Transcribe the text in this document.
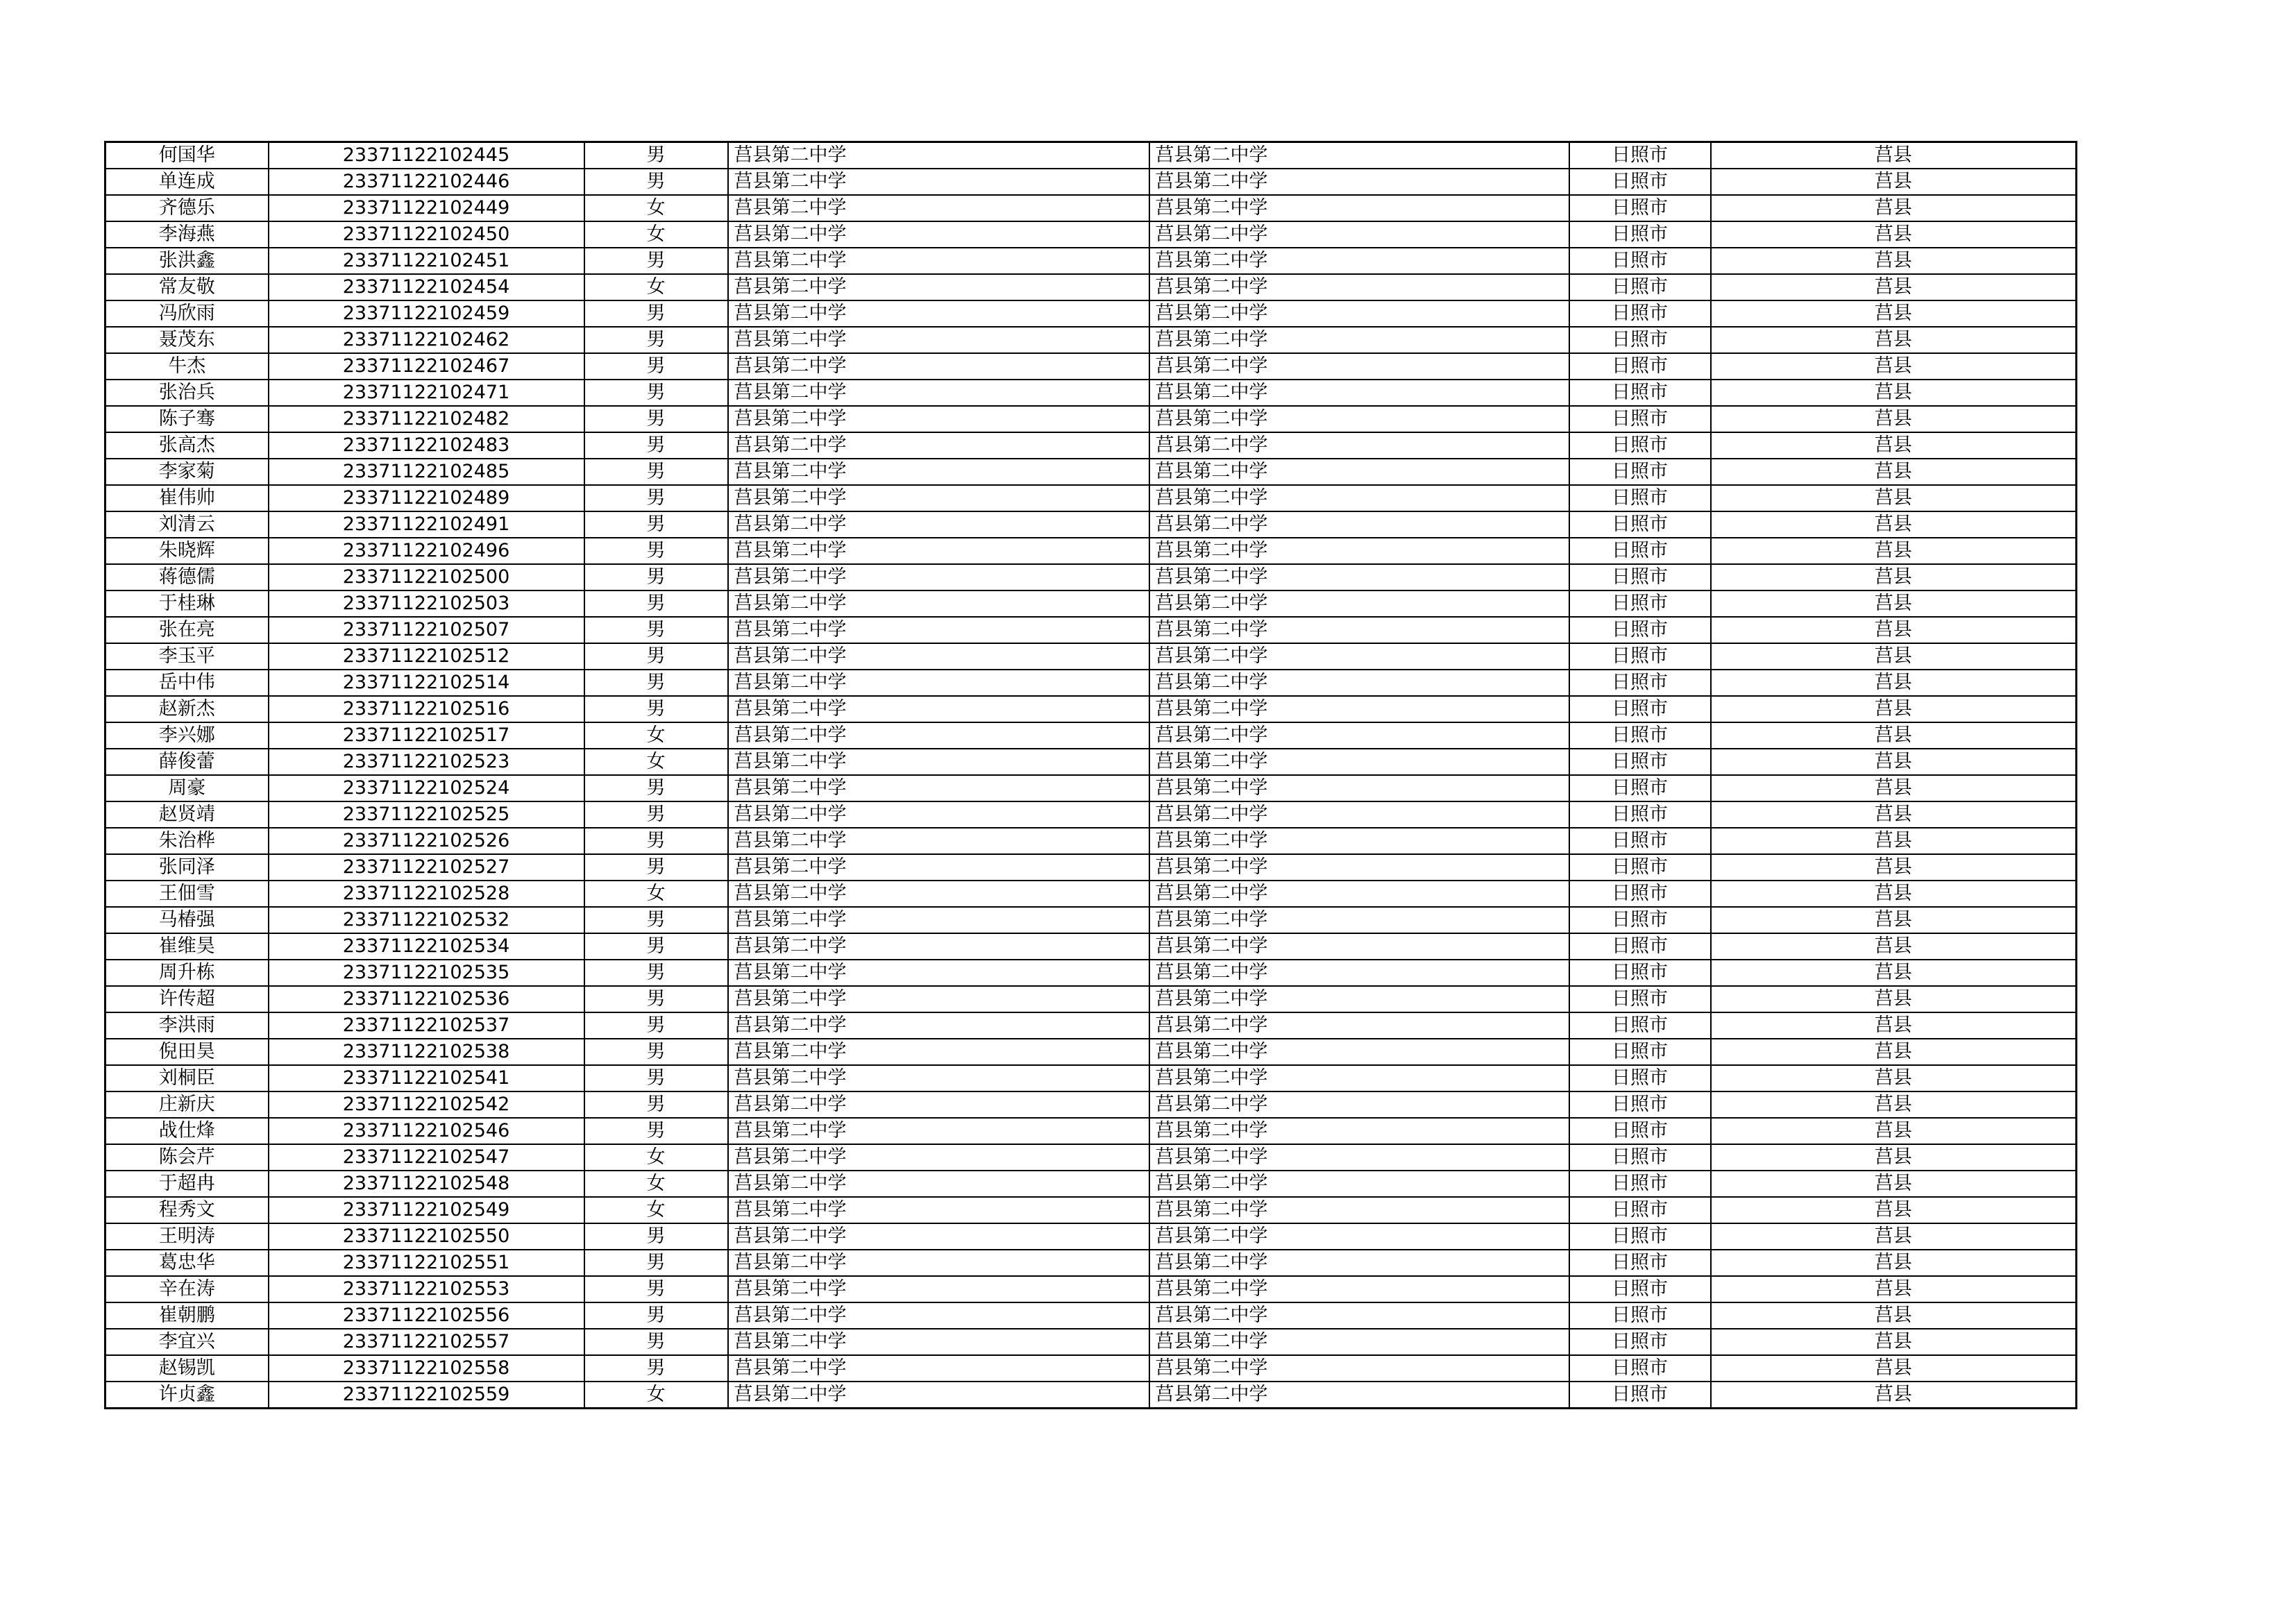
何国华	23371122102445	男	莒县第二中学	莒县第二中学	日照市	莒县
单连成	23371122102446	男	莒县第二中学	莒县第二中学	日照市	莒县
齐德乐	23371122102449	女	莒县第二中学	莒县第二中学	日照市	莒县
李海燕	23371122102450	女	莒县第二中学	莒县第二中学	日照市	莒县
张洪鑫	23371122102451	男	莒县第二中学	莒县第二中学	日照市	莒县
常友敬	23371122102454	女	莒县第二中学	莒县第二中学	日照市	莒县
冯欣雨	23371122102459	男	莒县第二中学	莒县第二中学	日照市	莒县
聂茂东	23371122102462	男	莒县第二中学	莒县第二中学	日照市	莒县
牛杰	23371122102467	男	莒县第二中学	莒县第二中学	日照市	莒县
张治兵	23371122102471	男	莒县第二中学	莒县第二中学	日照市	莒县
陈子骞	23371122102482	男	莒县第二中学	莒县第二中学	日照市	莒县
张高杰	23371122102483	男	莒县第二中学	莒县第二中学	日照市	莒县
李家菊	23371122102485	男	莒县第二中学	莒县第二中学	日照市	莒县
崔伟帅	23371122102489	男	莒县第二中学	莒县第二中学	日照市	莒县
刘清云	23371122102491	男	莒县第二中学	莒县第二中学	日照市	莒县
朱晓辉	23371122102496	男	莒县第二中学	莒县第二中学	日照市	莒县
蒋德儒	23371122102500	男	莒县第二中学	莒县第二中学	日照市	莒县
于桂琳	23371122102503	男	莒县第二中学	莒县第二中学	日照市	莒县
张在亮	23371122102507	男	莒县第二中学	莒县第二中学	日照市	莒县
李玉平	23371122102512	男	莒县第二中学	莒县第二中学	日照市	莒县
岳中伟	23371122102514	男	莒县第二中学	莒县第二中学	日照市	莒县
赵新杰	23371122102516	男	莒县第二中学	莒县第二中学	日照市	莒县
李兴娜	23371122102517	女	莒县第二中学	莒县第二中学	日照市	莒县
薛俊蕾	23371122102523	女	莒县第二中学	莒县第二中学	日照市	莒县
周豪	23371122102524	男	莒县第二中学	莒县第二中学	日照市	莒县
赵贤靖	23371122102525	男	莒县第二中学	莒县第二中学	日照市	莒县
朱治桦	23371122102526	男	莒县第二中学	莒县第二中学	日照市	莒县
张同泽	23371122102527	男	莒县第二中学	莒县第二中学	日照市	莒县
王佃雪	23371122102528	女	莒县第二中学	莒县第二中学	日照市	莒县
马椿强	23371122102532	男	莒县第二中学	莒县第二中学	日照市	莒县
崔维昊	23371122102534	男	莒县第二中学	莒县第二中学	日照市	莒县
周升栋	23371122102535	男	莒县第二中学	莒县第二中学	日照市	莒县
许传超	23371122102536	男	莒县第二中学	莒县第二中学	日照市	莒县
李洪雨	23371122102537	男	莒县第二中学	莒县第二中学	日照市	莒县
倪田昊	23371122102538	男	莒县第二中学	莒县第二中学	日照市	莒县
刘桐臣	23371122102541	男	莒县第二中学	莒县第二中学	日照市	莒县
庄新庆	23371122102542	男	莒县第二中学	莒县第二中学	日照市	莒县
战仕烽	23371122102546	男	莒县第二中学	莒县第二中学	日照市	莒县
陈会芹	23371122102547	女	莒县第二中学	莒县第二中学	日照市	莒县
于超冉	23371122102548	女	莒县第二中学	莒县第二中学	日照市	莒县
程秀文	23371122102549	女	莒县第二中学	莒县第二中学	日照市	莒县
王明涛	23371122102550	男	莒县第二中学	莒县第二中学	日照市	莒县
葛忠华	23371122102551	男	莒县第二中学	莒县第二中学	日照市	莒县
辛在涛	23371122102553	男	莒县第二中学	莒县第二中学	日照市	莒县
崔朝鹏	23371122102556	男	莒县第二中学	莒县第二中学	日照市	莒县
李宜兴	23371122102557	男	莒县第二中学	莒县第二中学	日照市	莒县
赵锡凯	23371122102558	男	莒县第二中学	莒县第二中学	日照市	莒县
许贞鑫	23371122102559	女	莒县第二中学	莒县第二中学	日照市	莒县
